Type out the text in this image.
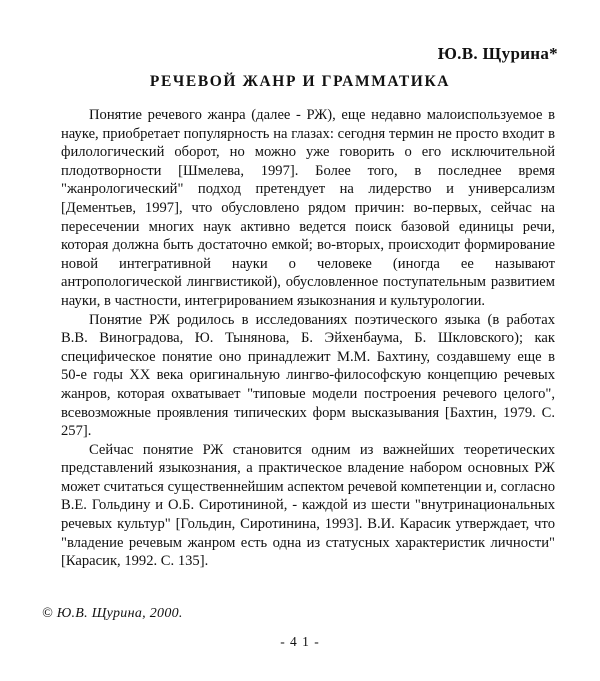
Ю.В. Щурина*
РЕЧЕВОЙ ЖАНР И ГРАММАТИКА

Понятие речевого жанра (далее - РЖ), еще недавно малоиспользуемое в науке, приобретает популярность на глазах: сегодня термин не просто входит в филологический оборот, но можно уже говорить о его исключительной плодотворности [Шмелева, 1997]. Более того, в последнее время "жанрологический" подход претендует на лидерство и универсализм [Дементьев, 1997], что обусловлено рядом причин: во-первых, сейчас на пересечении многих наук активно ведется поиск базовой единицы речи, которая должна быть достаточно емкой; во-вторых, происходит формирование новой интегративной науки о человеке (иногда ее называют антропологической лингвистикой), обусловленное поступательным развитием науки, в частности, интегрированием языкознания и культурологии.

Понятие РЖ родилось в исследованиях поэтического языка (в работах В.В. Виноградова, Ю. Тынянова, Б. Эйхенбаума, Б. Шкловского); как специфическое понятие оно принадлежит М.М. Бахтину, создавшему еще в 50-е годы XX века оригинальную лингво-философскую концепцию речевых жанров, которая охватывает "типовые модели построения речевого целого", всевозможные проявления типических форм высказывания [Бахтин, 1979. С. 257].

Сейчас понятие РЖ становится одним из важнейших теоретических представлений языкознания, а практическое владение набором основных РЖ может считаться существеннейшим аспектом речевой компетенции и, согласно В.Е. Гольдину и О.Б. Сиротининой, - каждой из шести "внутринациональных речевых культур" [Гольдин, Сиротинина, 1993]. В.И. Карасик утверждает, что "владение речевым жанром есть одна из статусных характеристик личности" [Карасик, 1992. С. 135].

© Ю.В. Щурина, 2000.
- 4 1 -
